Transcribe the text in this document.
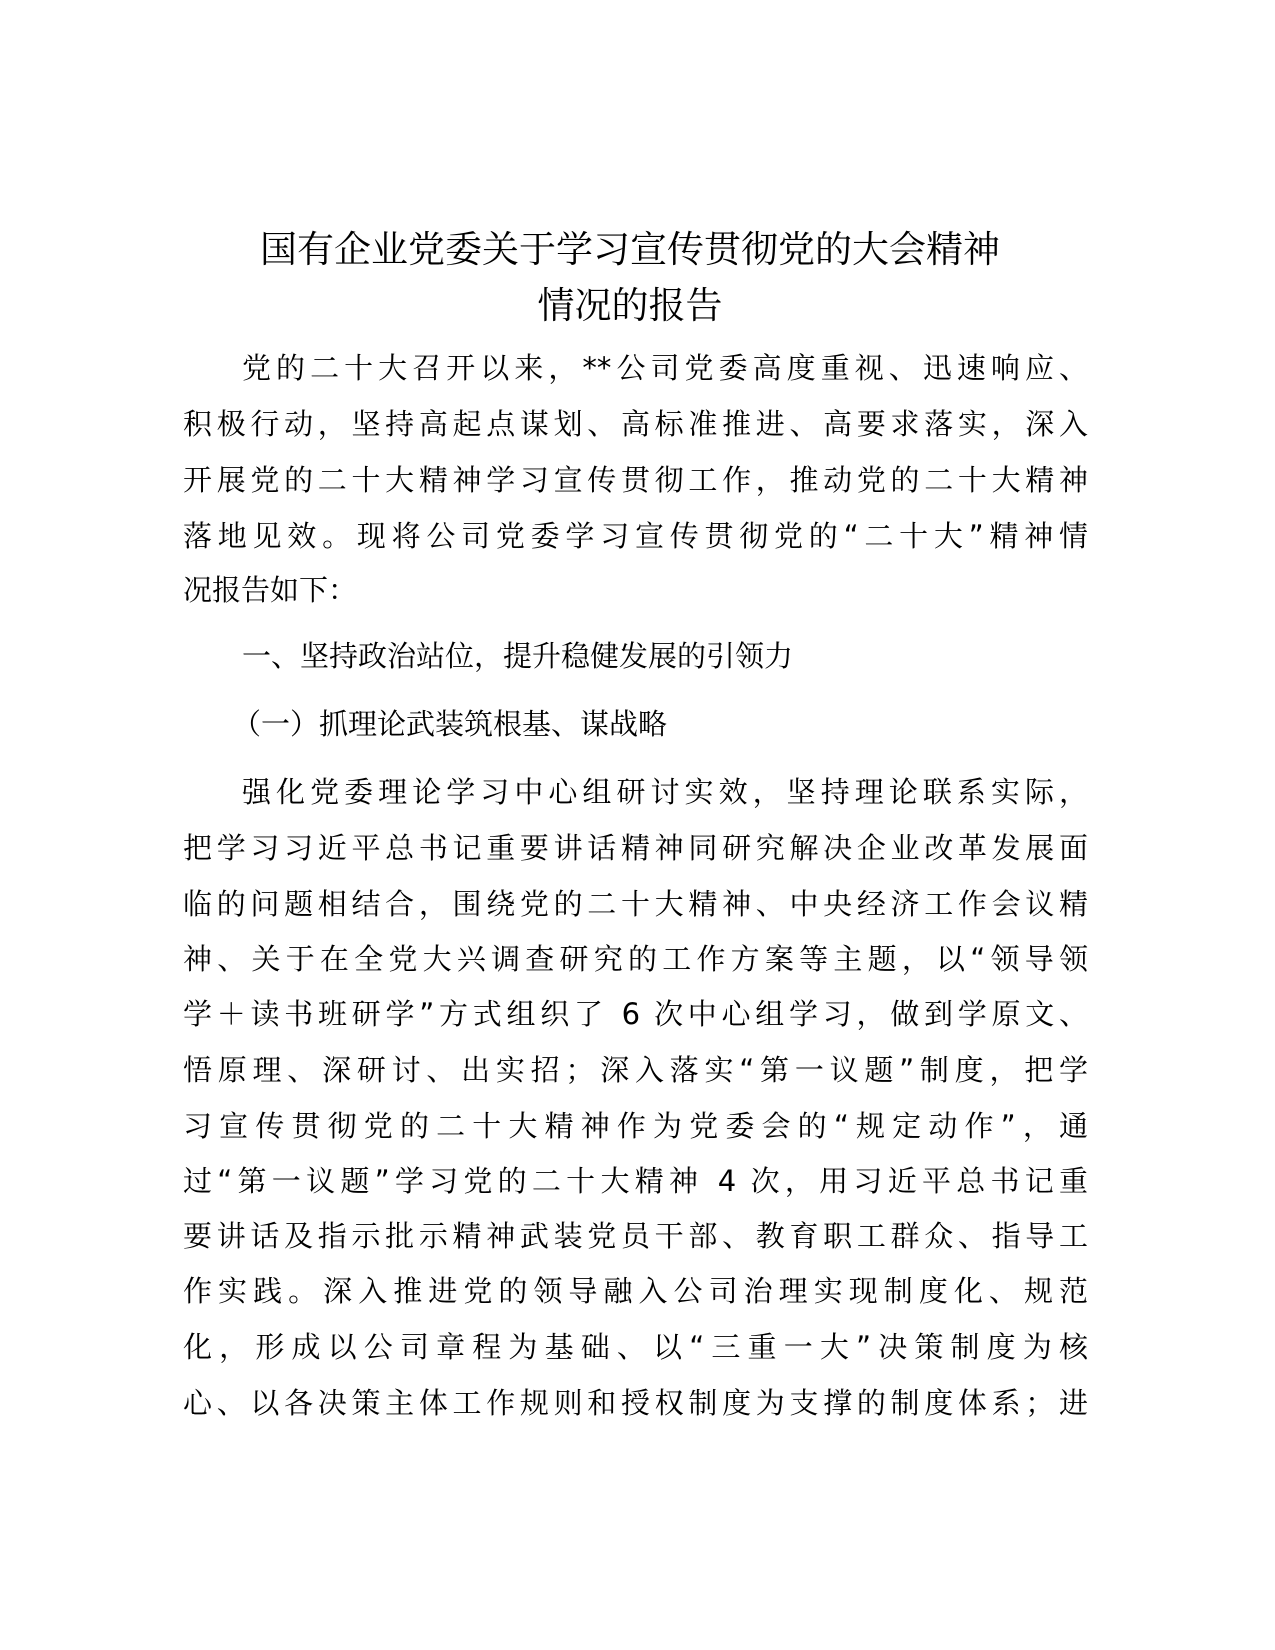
国有企业党委关于学习宣传贯彻党的大会精神
情况的报告
党的二十大召开以来，**公司党委高度重视、迅速响应、
积极行动，坚持高起点谋划、高标准推进、高要求落实，深入
开展党的二十大精神学习宣传贯彻工作，推动党的二十大精神
落地见效。现将公司党委学习宣传贯彻党的“二十大”精神情
况报告如下：
一、坚持政治站位，提升稳健发展的引领力
（一）抓理论武装筑根基、谋战略
强化党委理论学习中心组研讨实效，坚持理论联系实际，
把学习习近平总书记重要讲话精神同研究解决企业改革发展面
临的问题相结合，围绕党的二十大精神、中央经济工作会议精
神、关于在全党大兴调查研究的工作方案等主题，以“领导领
学＋读书班研学”方式组织了 6 次中心组学习，做到学原文、
悟原理、深研讨、出实招；深入落实“第一议题”制度，把学
习宣传贯彻党的二十大精神作为党委会的“规定动作”，通
过“第一议题”学习党的二十大精神 4 次，用习近平总书记重
要讲话及指示批示精神武装党员干部、教育职工群众、指导工
作实践。深入推进党的领导融入公司治理实现制度化、规范
化，形成以公司章程为基础、以“三重一大”决策制度为核
心、以各决策主体工作规则和授权制度为支撑的制度体系；进
